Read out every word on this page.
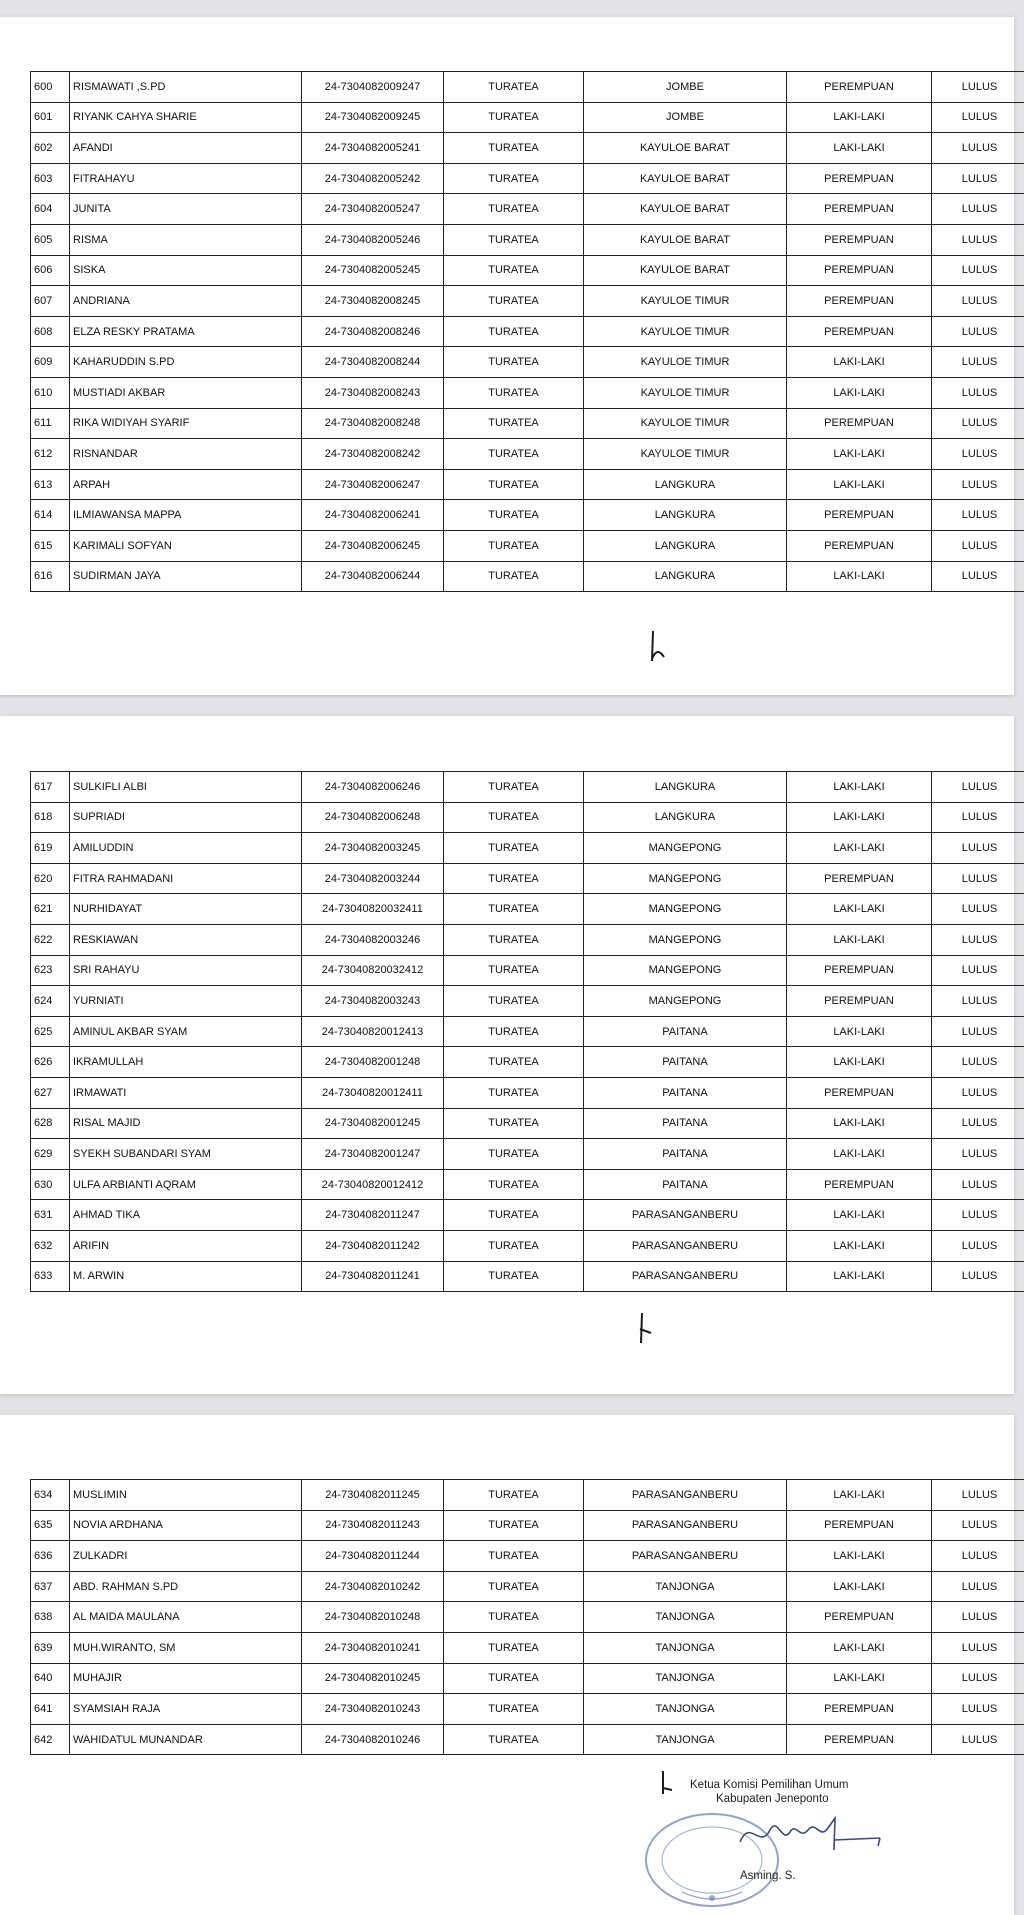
600	RISMAWATI ,S.PD	24-7304082009247	TURATEA	JOMBE	PEREMPUAN	LULUS
601	RIYANK CAHYA SHARIE	24-7304082009245	TURATEA	JOMBE	LAKI-LAKI	LULUS
602	AFANDI	24-7304082005241	TURATEA	KAYULOE BARAT	LAKI-LAKI	LULUS
603	FITRAHAYU	24-7304082005242	TURATEA	KAYULOE BARAT	PEREMPUAN	LULUS
604	JUNITA	24-7304082005247	TURATEA	KAYULOE BARAT	PEREMPUAN	LULUS
605	RISMA	24-7304082005246	TURATEA	KAYULOE BARAT	PEREMPUAN	LULUS
606	SISKA	24-7304082005245	TURATEA	KAYULOE BARAT	PEREMPUAN	LULUS
607	ANDRIANA	24-7304082008245	TURATEA	KAYULOE TIMUR	PEREMPUAN	LULUS
608	ELZA RESKY PRATAMA	24-7304082008246	TURATEA	KAYULOE TIMUR	PEREMPUAN	LULUS
609	KAHARUDDIN S.PD	24-7304082008244	TURATEA	KAYULOE TIMUR	LAKI-LAKI	LULUS
610	MUSTIADI AKBAR	24-7304082008243	TURATEA	KAYULOE TIMUR	LAKI-LAKI	LULUS
611	RIKA WIDIYAH SYARIF	24-7304082008248	TURATEA	KAYULOE TIMUR	PEREMPUAN	LULUS
612	RISNANDAR	24-7304082008242	TURATEA	KAYULOE TIMUR	LAKI-LAKI	LULUS
613	ARPAH	24-7304082006247	TURATEA	LANGKURA	LAKI-LAKI	LULUS
614	ILMIAWANSA MAPPA	24-7304082006241	TURATEA	LANGKURA	PEREMPUAN	LULUS
615	KARIMALI SOFYAN	24-7304082006245	TURATEA	LANGKURA	PEREMPUAN	LULUS
616	SUDIRMAN JAYA	24-7304082006244	TURATEA	LANGKURA	LAKI-LAKI	LULUS
617	SULKIFLI ALBI	24-7304082006246	TURATEA	LANGKURA	LAKI-LAKI	LULUS
618	SUPRIADI	24-7304082006248	TURATEA	LANGKURA	LAKI-LAKI	LULUS
619	AMILUDDIN	24-7304082003245	TURATEA	MANGEPONG	LAKI-LAKI	LULUS
620	FITRA RAHMADANI	24-7304082003244	TURATEA	MANGEPONG	PEREMPUAN	LULUS
621	NURHIDAYAT	24-73040820032411	TURATEA	MANGEPONG	LAKI-LAKI	LULUS
622	RESKIAWAN	24-7304082003246	TURATEA	MANGEPONG	LAKI-LAKI	LULUS
623	SRI RAHAYU	24-73040820032412	TURATEA	MANGEPONG	PEREMPUAN	LULUS
624	YURNIATI	24-7304082003243	TURATEA	MANGEPONG	PEREMPUAN	LULUS
625	AMINUL AKBAR SYAM	24-73040820012413	TURATEA	PAITANA	LAKI-LAKI	LULUS
626	IKRAMULLAH	24-7304082001248	TURATEA	PAITANA	LAKI-LAKI	LULUS
627	IRMAWATI	24-73040820012411	TURATEA	PAITANA	PEREMPUAN	LULUS
628	RISAL MAJID	24-7304082001245	TURATEA	PAITANA	LAKI-LAKI	LULUS
629	SYEKH SUBANDARI SYAM	24-7304082001247	TURATEA	PAITANA	LAKI-LAKI	LULUS
630	ULFA ARBIANTI AQRAM	24-73040820012412	TURATEA	PAITANA	PEREMPUAN	LULUS
631	AHMAD TIKA	24-7304082011247	TURATEA	PARASANGANBERU	LAKI-LAKI	LULUS
632	ARIFIN	24-7304082011242	TURATEA	PARASANGANBERU	LAKI-LAKI	LULUS
633	M. ARWIN	24-7304082011241	TURATEA	PARASANGANBERU	LAKI-LAKI	LULUS
634	MUSLIMIN	24-7304082011245	TURATEA	PARASANGANBERU	LAKI-LAKI	LULUS
635	NOVIA ARDHANA	24-7304082011243	TURATEA	PARASANGANBERU	PEREMPUAN	LULUS
636	ZULKADRI	24-7304082011244	TURATEA	PARASANGANBERU	LAKI-LAKI	LULUS
637	ABD. RAHMAN S.PD	24-7304082010242	TURATEA	TANJONGA	LAKI-LAKI	LULUS
638	AL MAIDA MAULANA	24-7304082010248	TURATEA	TANJONGA	PEREMPUAN	LULUS
639	MUH.WIRANTO, SM	24-7304082010241	TURATEA	TANJONGA	LAKI-LAKI	LULUS
640	MUHAJIR	24-7304082010245	TURATEA	TANJONGA	LAKI-LAKI	LULUS
641	SYAMSIAH RAJA	24-7304082010243	TURATEA	TANJONGA	PEREMPUAN	LULUS
642	WAHIDATUL MUNANDAR	24-7304082010246	TURATEA	TANJONGA	PEREMPUAN	LULUS
Ketua Komisi Pemilihan Umum
Kabupaten Jeneponto
Asming. S.
